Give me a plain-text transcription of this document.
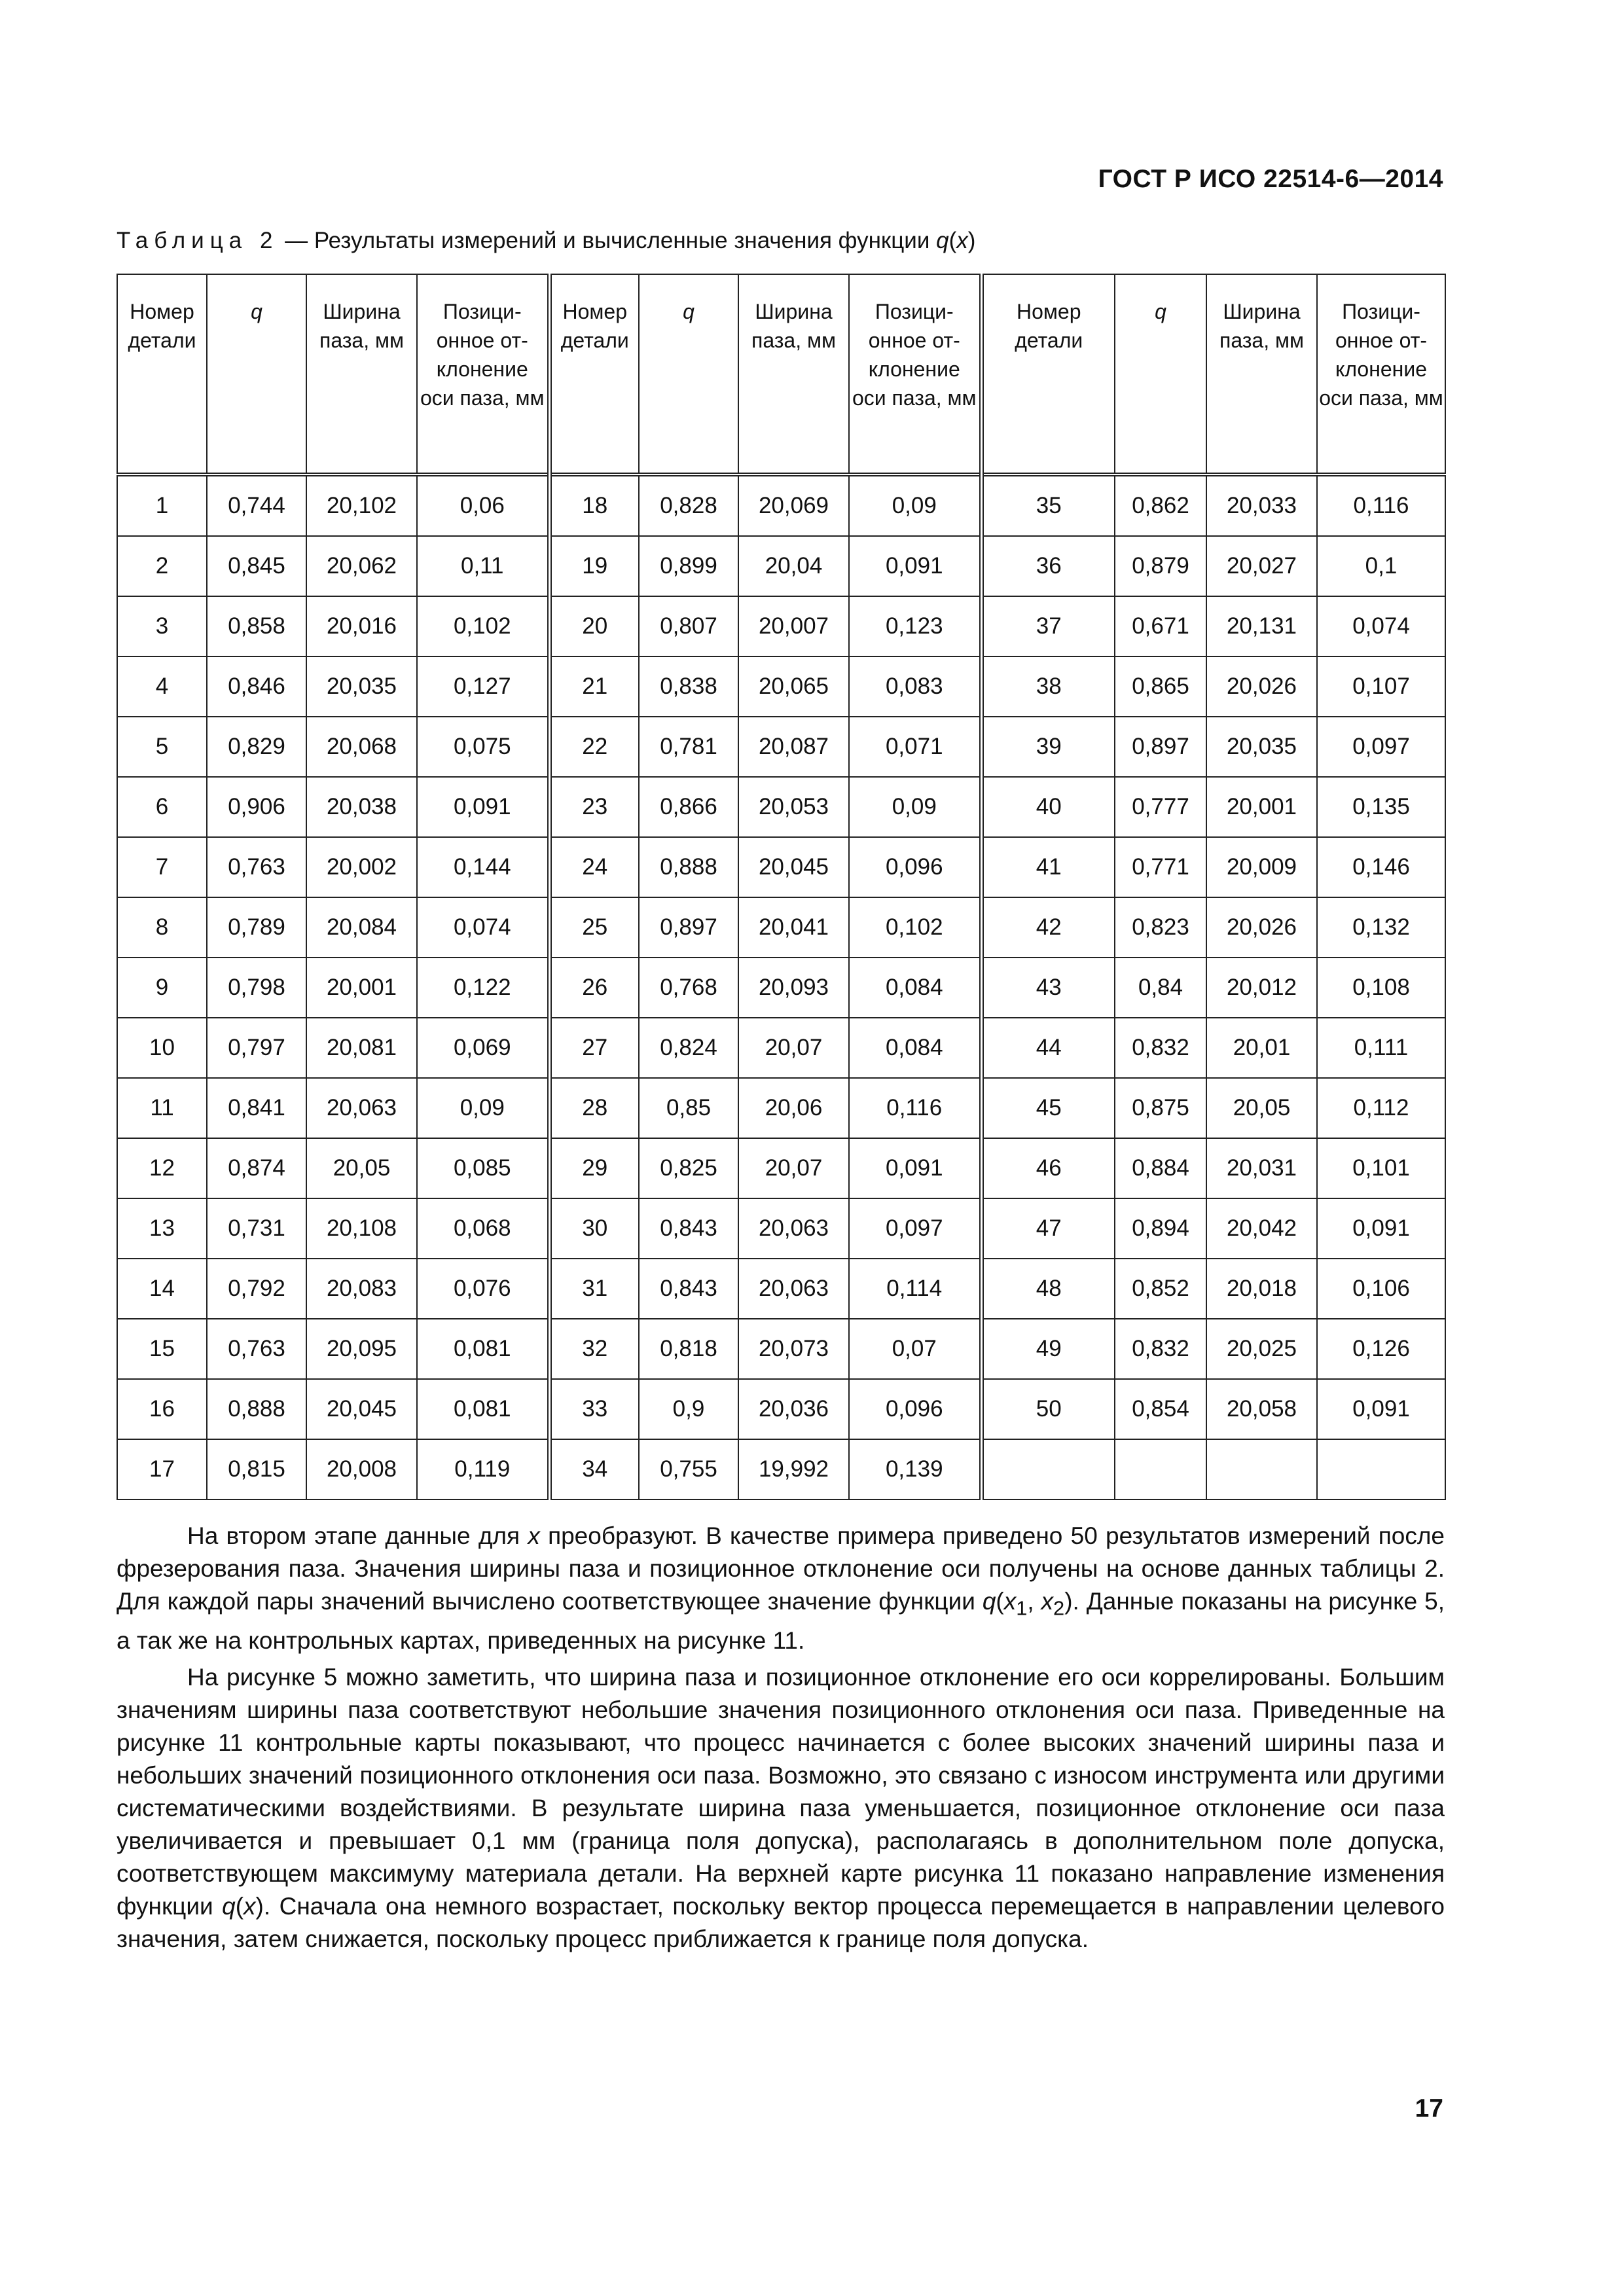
ГОСТ Р ИСО 22514-6—2014
Таблица 2 — Результаты измерений и вычисленные значения функции q(x)
Номер детали	q	Ширина паза, мм	Позици-онное от-клонение оси паза, мм	Номер детали	q	Ширина паза, мм	Позици-онное от-клонение оси паза, мм	Номер детали	q	Ширина паза, мм	Позици-онное от-клонение оси паза, мм
1	0,744	20,102	0,06	18	0,828	20,069	0,09	35	0,862	20,033	0,116
2	0,845	20,062	0,11	19	0,899	20,04	0,091	36	0,879	20,027	0,1
3	0,858	20,016	0,102	20	0,807	20,007	0,123	37	0,671	20,131	0,074
4	0,846	20,035	0,127	21	0,838	20,065	0,083	38	0,865	20,026	0,107
5	0,829	20,068	0,075	22	0,781	20,087	0,071	39	0,897	20,035	0,097
6	0,906	20,038	0,091	23	0,866	20,053	0,09	40	0,777	20,001	0,135
7	0,763	20,002	0,144	24	0,888	20,045	0,096	41	0,771	20,009	0,146
8	0,789	20,084	0,074	25	0,897	20,041	0,102	42	0,823	20,026	0,132
9	0,798	20,001	0,122	26	0,768	20,093	0,084	43	0,84	20,012	0,108
10	0,797	20,081	0,069	27	0,824	20,07	0,084	44	0,832	20,01	0,111
11	0,841	20,063	0,09	28	0,85	20,06	0,116	45	0,875	20,05	0,112
12	0,874	20,05	0,085	29	0,825	20,07	0,091	46	0,884	20,031	0,101
13	0,731	20,108	0,068	30	0,843	20,063	0,097	47	0,894	20,042	0,091
14	0,792	20,083	0,076	31	0,843	20,063	0,114	48	0,852	20,018	0,106
15	0,763	20,095	0,081	32	0,818	20,073	0,07	49	0,832	20,025	0,126
16	0,888	20,045	0,081	33	0,9	20,036	0,096	50	0,854	20,058	0,091
17	0,815	20,008	0,119	34	0,755	19,992	0,139				

На втором этапе данные для x преобразуют. В качестве примера приведено 50 результатов измерений после фрезерования паза. Значения ширины паза и позиционное отклонение оси получены на основе данных таблицы 2. Для каждой пары значений вычислено соответствующее значение функции $q(x_1$, $x_2$). Данные показаны на рисунке 5, а так же на контрольных картах, приведенных на рисунке 11.

На рисунке 5 можно заметить, что ширина паза и позиционное отклонение его оси коррелированы. Большим значениям ширины паза соответствуют небольшие значения позиционного отклонения оси паза. Приведенные на рисунке 11 контрольные карты показывают, что процесс начинается с более высоких значений ширины паза и небольших значений позиционного отклонения оси паза. Возможно, это связано с износом инструмента или другими систематическими воздействиями. В результате ширина паза уменьшается, позиционное отклонение оси паза увеличивается и превышает 0,1 мм (граница поля допуска), располагаясь в дополнительном поле допуска, соответствующем максимуму материала детали. На верхней карте рисунка 11 показано направление изменения функции q(x). Сначала она немного возрастает, поскольку вектор процесса перемещается в направлении целевого значения, затем снижается, поскольку процесс приближается к границе поля допуска.

17
